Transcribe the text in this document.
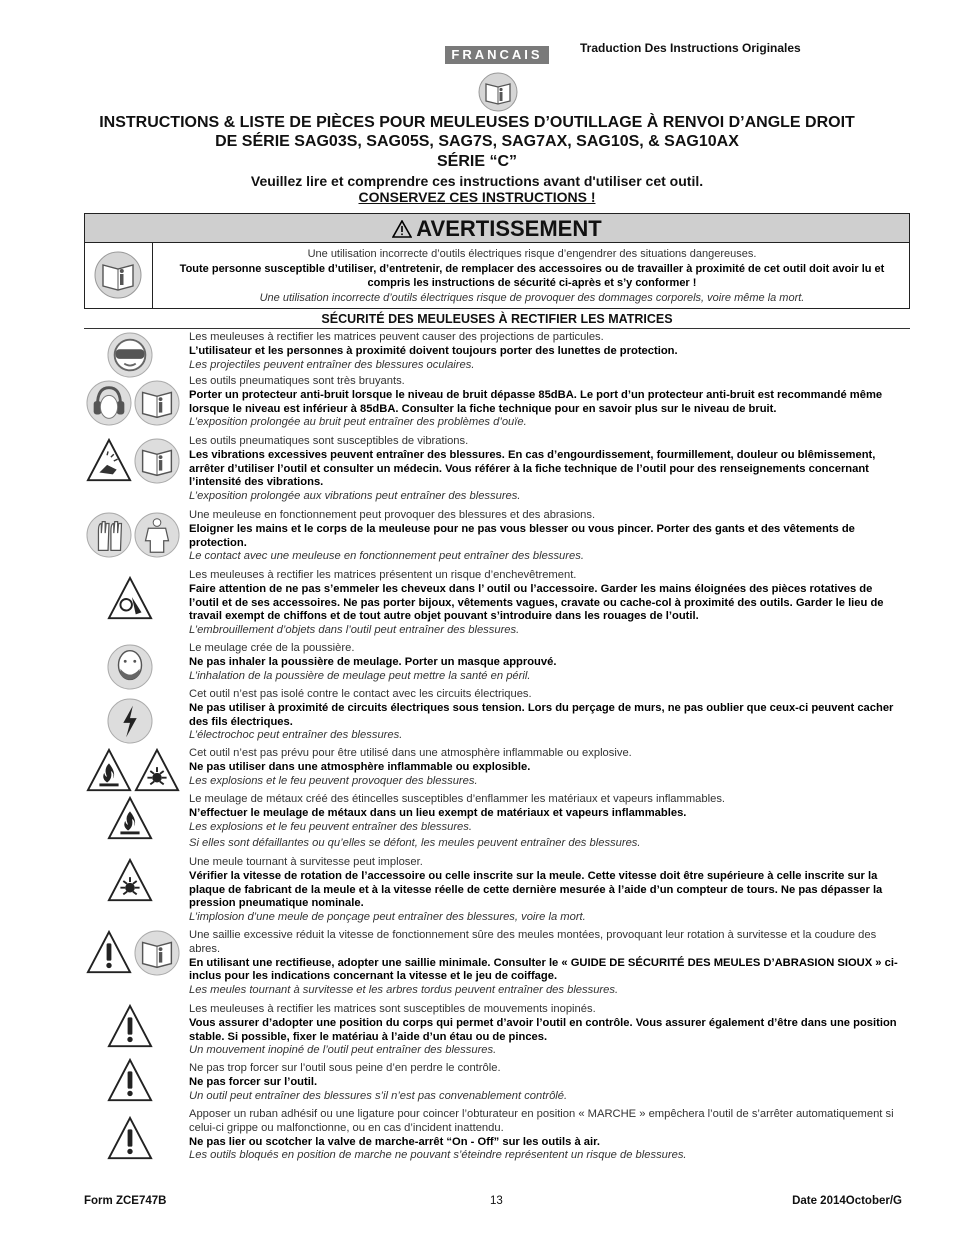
FRANCAIS	Traduction Des Instructions Originales
INSTRUCTIONS & LISTE DE PIÈCES POUR MEULEUSES D’OUTILLAGE À RENVOI D’ANGLE DROIT
DE SÉRIE SAG03S, SAG05S, SAG7S, SAG7AX, SAG10S, & SAG10AX
SÉRIE “C”
Veuillez lire et comprendre ces instructions avant d'utiliser cet outil.
CONSERVEZ CES INSTRUCTIONS !
AVERTISSEMENT
Une utilisation incorrecte d’outils électriques risque d’engendrer des situations dangereuses.
Toute personne susceptible d’utiliser, d’entretenir, de remplacer des accessoires ou de travailler à proximité de cet outil doit avoir lu et compris les instructions de sécurité ci-après et s’y conformer !
Une utilisation incorrecte d’outils électriques risque de provoquer des dommages corporels, voire même la mort.
SÉCURITÉ DES MEULEUSES À RECTIFIER LES MATRICES
Les meuleuses à rectifier les matrices peuvent causer des projections de particules.
L’utilisateur et les personnes à proximité doivent toujours porter des lunettes de protection.
Les projectiles peuvent entraîner des blessures oculaires.
Les outils pneumatiques sont très bruyants.
Porter un protecteur anti-bruit lorsque le niveau de bruit dépasse 85dBA. Le port d’un protecteur anti-bruit est recommandé même lorsque le niveau est inférieur à 85dBA. Consulter la fiche technique pour en savoir plus sur le niveau de bruit.
L’exposition prolongée au bruit peut entraîner des problèmes d’ouïe.
Les outils pneumatiques sont susceptibles de vibrations.
Les vibrations excessives peuvent entraîner des blessures. En cas d’engourdissement, fourmillement, douleur ou blêmissement, arrêter d’utiliser l’outil et consulter un médecin. Vous référer à la fiche technique de l’outil pour des renseignements concernant l’intensité des vibrations.
L’exposition prolongée aux vibrations peut entraîner des blessures.
Une meuleuse en fonctionnement peut provoquer des blessures et des abrasions.
Eloigner les mains et le corps de la meuleuse pour ne pas vous blesser ou vous pincer. Porter des gants et des vêtements de protection.
Le contact avec une meuleuse en fonctionnement peut entraîner des blessures.
Les meuleuses à rectifier les matrices présentent un risque d’enchevêtrement.
Faire attention de ne pas s’emmeler les cheveux dans l’ outil ou l’accessoire. Garder les mains éloignées des pièces rotatives de l’outil et de ses accessoires. Ne pas porter bijoux, vêtements vagues, cravate ou cache-col à proximité des outils. Garder le lieu de travail exempt de chiffons et de tout autre objet pouvant s’introduire dans les rouages de l’outil.
L’embrouillement d’objets dans l’outil peut entraîner des blessures.
Le meulage crée de la poussière.
Ne pas inhaler la poussière de meulage. Porter un masque approuvé.
L’inhalation de la poussière de meulage peut mettre la santé en péril.
Cet outil n’est pas isolé contre le contact avec les circuits électriques.
Ne pas utiliser à proximité de circuits électriques sous tension. Lors du perçage de murs, ne pas oublier que ceux-ci peuvent cacher des fils électriques.
L’électrochoc peut entraîner des blessures.
Cet outil n’est pas prévu pour être utilisé dans une atmosphère inflammable ou explosive.
Ne pas utiliser dans une atmosphère inflammable ou explosible.
Les explosions et le feu peuvent provoquer des blessures.
Le meulage de métaux créé des étincelles susceptibles d’enflammer les matériaux et vapeurs inflammables.
N’effectuer le meulage de métaux dans un lieu exempt de matériaux et vapeurs inflammables.
Les explosions et le feu peuvent entraîner des blessures.
Si elles sont défaillantes ou qu’elles se défont, les meules peuvent entraîner des blessures.
Une meule tournant à survitesse peut imploser.
Vérifier la vitesse de rotation de l’accessoire ou celle inscrite sur la meule. Cette vitesse doit être supérieure à celle inscrite sur la plaque de fabricant de la meule et à la vitesse réelle de cette dernière mesurée à l’aide d’un compteur de tours. Ne pas dépasser la pression pneumatique nominale.
L’implosion d’une meule de ponçage peut entraîner des blessures, voire la mort.
Une saillie excessive réduit la vitesse de fonctionnement sûre des meules montées, provoquant leur rotation à survitesse et la coudure des abres.
En utilisant une rectifieuse, adopter une saillie minimale. Consulter le « GUIDE DE SÉCURITÉ DES MEULES D’ABRASION SIOUX » ci-inclus pour les indications concernant la vitesse et le jeu de coiffage.
Les meules tournant à survitesse et les arbres tordus peuvent entraîner des blessures.
Les meuleuses à rectifier les matrices sont susceptibles de mouvements inopinés.
Vous assurer d’adopter une position du corps qui permet d’avoir l’outil en contrôle. Vous assurer également d’être dans une position stable. Si possible, fixer le matériau à l’aide d’un étau ou de pinces.
Un mouvement inopiné de l’outil peut entraîner des blessures.
Ne pas trop forcer sur l’outil sous peine d’en perdre le contrôle.
Ne pas forcer sur l’outil.
Un outil peut entraîner des blessures s’il n’est pas convenablement contrôlé.
Apposer un ruban adhésif ou une ligature pour coincer l’obturateur en position « MARCHE » empêchera l’outil de s’arrêter automatiquement si celui-ci grippe ou malfonctionne, ou en cas d’incident inattendu.
Ne pas lier ou scotcher la valve de marche-arrêt “On - Off” sur les outils à air.
Les outils bloqués en position de marche ne pouvant s’éteindre représentent un risque de blessures.
Form ZCE747B	13	Date 2014October/G
